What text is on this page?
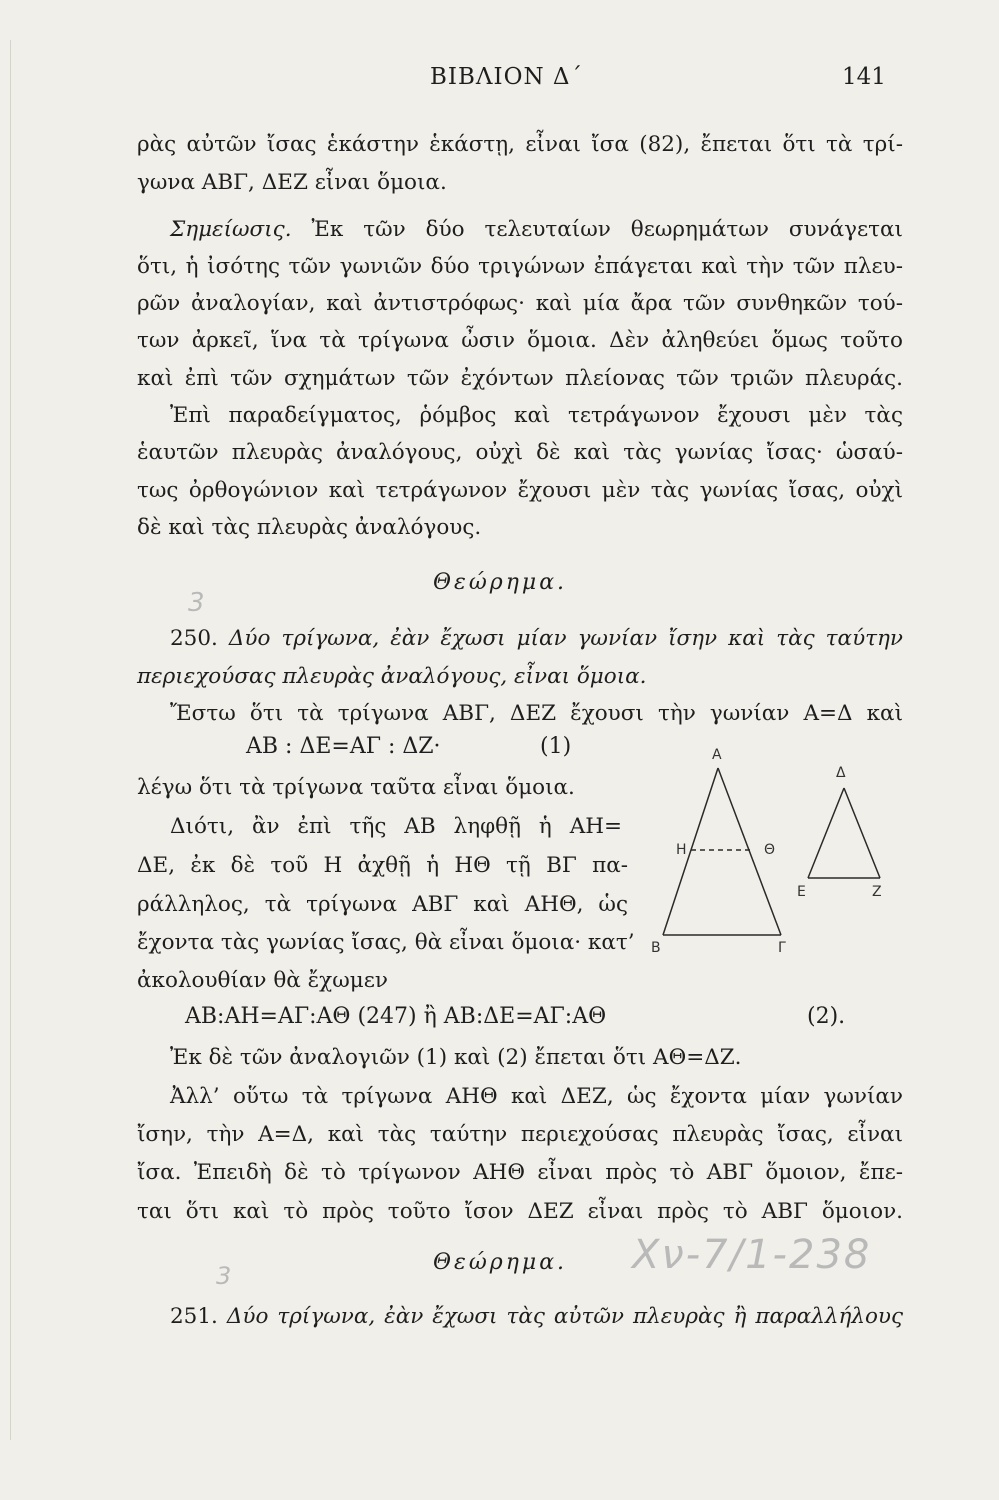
ΒΙΒΛΙΟΝ Δ΄	141
ρὰς αὐτῶν ἴσας ἑκάστην ἑκάστῃ, εἶναι ἴσα (82), ἔπεται ὅτι τὰ τρί-
γωνα ΑΒΓ, ΔΕΖ εἶναι ὅμοια.
Σημείωσις. Ἐκ τῶν δύο τελευταίων θεωρημάτων συνάγεται
ὅτι, ἡ ἰσότης τῶν γωνιῶν δύο τριγώνων ἐπάγεται καὶ τὴν τῶν πλευ-
ρῶν ἀναλογίαν, καὶ ἀντιστρόφως· καὶ μία ἄρα τῶν συνθηκῶν τού-
των ἀρκεῖ, ἵνα τὰ τρίγωνα ὦσιν ὅμοια. Δὲν ἀληθεύει ὅμως τοῦτο
καὶ ἐπὶ τῶν σχημάτων τῶν ἐχόντων πλείονας τῶν τριῶν πλευράς.
Ἐπὶ παραδείγματος, ῥόμβος καὶ τετράγωνον ἔχουσι μὲν τὰς
ἑαυτῶν πλευρὰς ἀναλόγους, οὐχὶ δὲ καὶ τὰς γωνίας ἴσας· ὡσαύ-
τως ὀρθογώνιον καὶ τετράγωνον ἔχουσι μὲν τὰς γωνίας ἴσας, οὐχὶ
δὲ καὶ τὰς πλευρὰς ἀναλόγους.
3
Θεώρημα.
250. Δύο τρίγωνα, ἐὰν ἔχωσι μίαν γωνίαν ἴσην καὶ τὰς ταύτην
περιεχούσας πλευρὰς ἀναλόγους, εἶναι ὅμοια.
Ἔστω ὅτι τὰ τρίγωνα ΑΒΓ, ΔΕΖ ἔχουσι τὴν γωνίαν Α=Δ καὶ
ΑΒ : ΔΕ=ΑΓ : ΔΖ·	(1)
λέγω ὅτι τὰ τρίγωνα ταῦτα εἶναι ὅμοια.
Διότι, ἂν ἐπὶ τῆς ΑΒ ληφθῇ ἡ ΑΗ=
ΔΕ, ἐκ δὲ τοῦ Η ἀχθῇ ἡ ΗΘ τῇ ΒΓ πα-
ράλληλος, τὰ τρίγωνα ΑΒΓ καὶ ΑΗΘ, ὡς
ἔχοντα τὰς γωνίας ἴσας, θὰ εἶναι ὅμοια· κατ’
ἀκολουθίαν θὰ ἔχωμεν
ΑΒ:ΑΗ=ΑΓ:ΑΘ (247) ἢ ΑΒ:ΔΕ=ΑΓ:ΑΘ	(2).
Ἐκ δὲ τῶν ἀναλογιῶν (1) καὶ (2) ἔπεται ὅτι ΑΘ=ΔΖ.
Ἀλλ’ οὕτω τὰ τρίγωνα ΑΗΘ καὶ ΔΕΖ, ὡς ἔχοντα μίαν γωνίαν
ἴσην, τὴν Α=Δ, καὶ τὰς ταύτην περιεχούσας πλευρὰς ἴσας, εἶναι
ἴσα. Ἐπειδὴ δὲ τὸ τρίγωνον ΑΗΘ εἶναι πρὸς τὸ ΑΒΓ ὅμοιον, ἔπε-
ται ὅτι καὶ τὸ πρὸς τοῦτο ἴσον ΔΕΖ εἶναι πρὸς τὸ ΑΒΓ ὅμοιον.
Α
Δ
Η	Θ
Ε	Ζ
Β	Γ
Θεώρημα. Χν-7/1-238
3
251. Δύο τρίγωνα, ἐὰν ἔχωσι τὰς αὐτῶν πλευρὰς ἢ παραλλήλους
